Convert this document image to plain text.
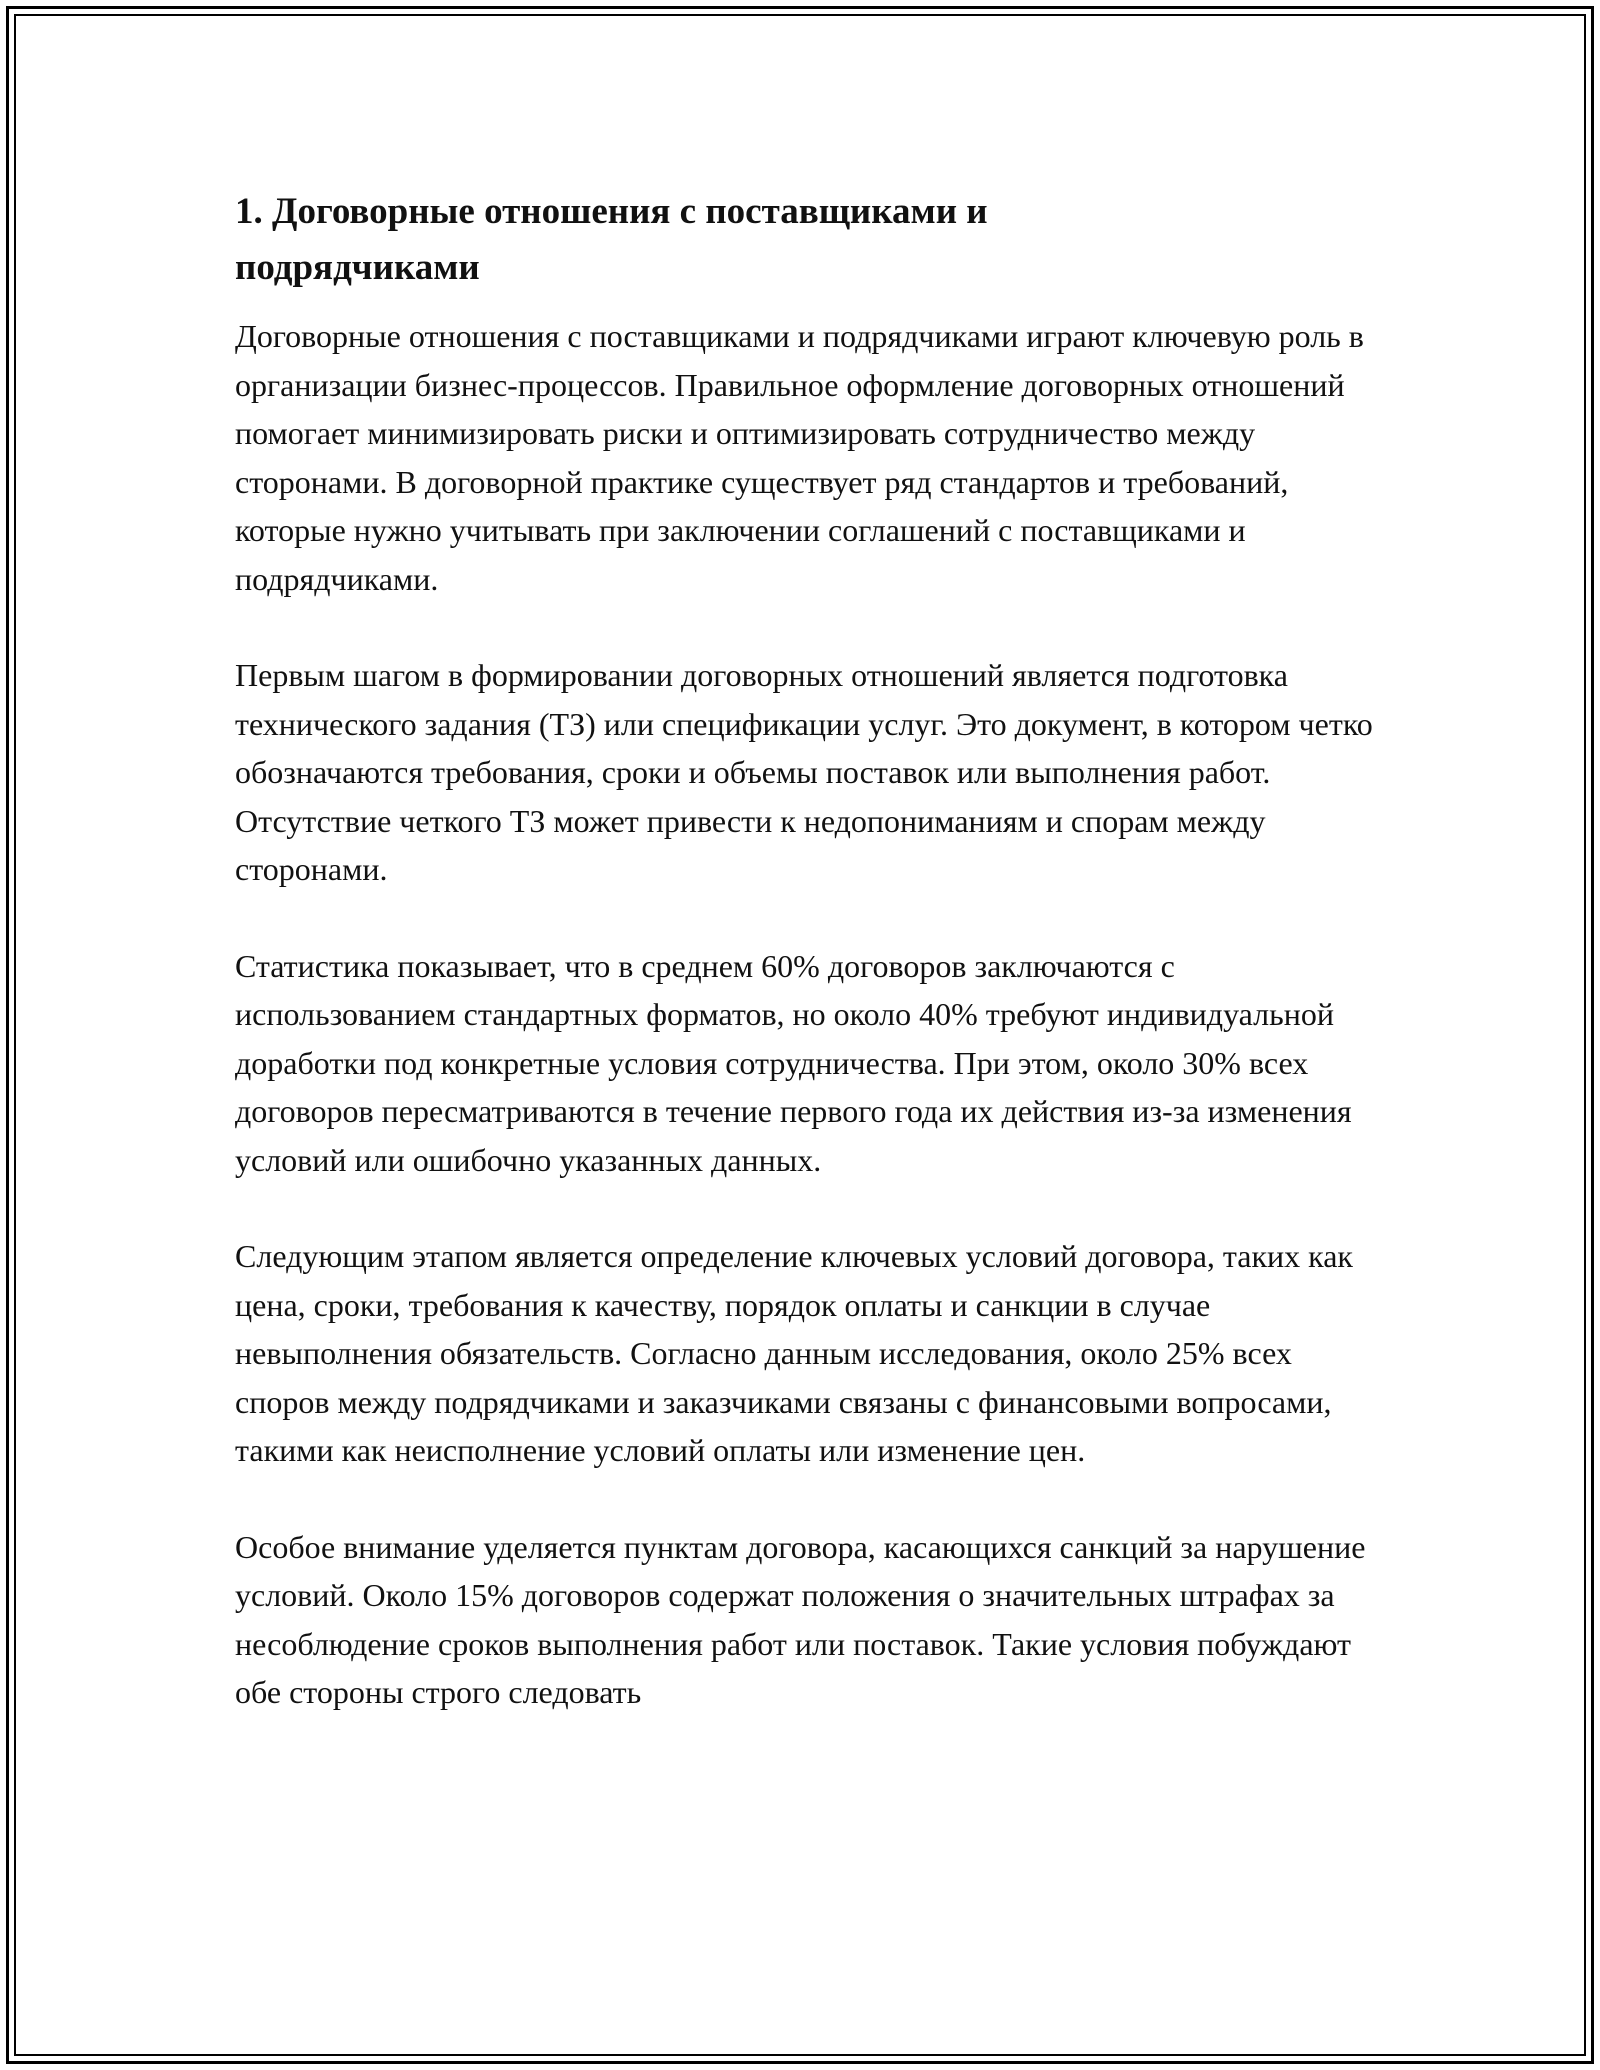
1. Договорные отношения с поставщиками и подрядчиками

Договорные отношения с поставщиками и подрядчиками играют ключевую роль в организации бизнес-процессов. Правильное оформление договорных отношений помогает минимизировать риски и оптимизировать сотрудничество между сторонами. В договорной практике существует ряд стандартов и требований, которые нужно учитывать при заключении соглашений с поставщиками и подрядчиками.

Первым шагом в формировании договорных отношений является подготовка технического задания (ТЗ) или спецификации услуг. Это документ, в котором четко обозначаются требования, сроки и объемы поставок или выполнения работ. Отсутствие четкого ТЗ может привести к недопониманиям и спорам между сторонами.

Статистика показывает, что в среднем 60% договоров заключаются с использованием стандартных форматов, но около 40% требуют индивидуальной доработки под конкретные условия сотрудничества. При этом, около 30% всех договоров пересматриваются в течение первого года их действия из-за изменения условий или ошибочно указанных данных.

Следующим этапом является определение ключевых условий договора, таких как цена, сроки, требования к качеству, порядок оплаты и санкции в случае невыполнения обязательств. Согласно данным исследования, около 25% всех споров между подрядчиками и заказчиками связаны с финансовыми вопросами, такими как неисполнение условий оплаты или изменение цен.

Особое внимание уделяется пунктам договора, касающихся санкций за нарушение условий. Около 15% договоров содержат положения о значительных штрафах за несоблюдение сроков выполнения работ или поставок. Такие условия побуждают обе стороны строго следовать
